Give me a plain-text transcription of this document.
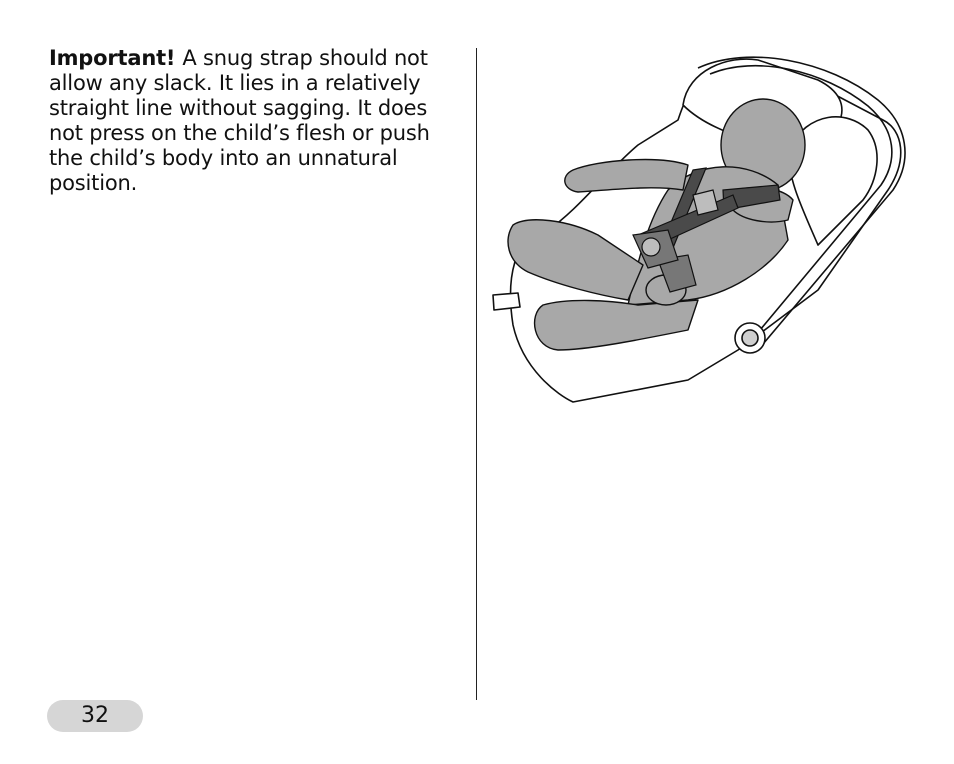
Important! A snug strap should not allow any slack. It lies in a relatively straight line without sagging. It does not press on the child’s flesh or push the child’s body into an unnatural position.
32
